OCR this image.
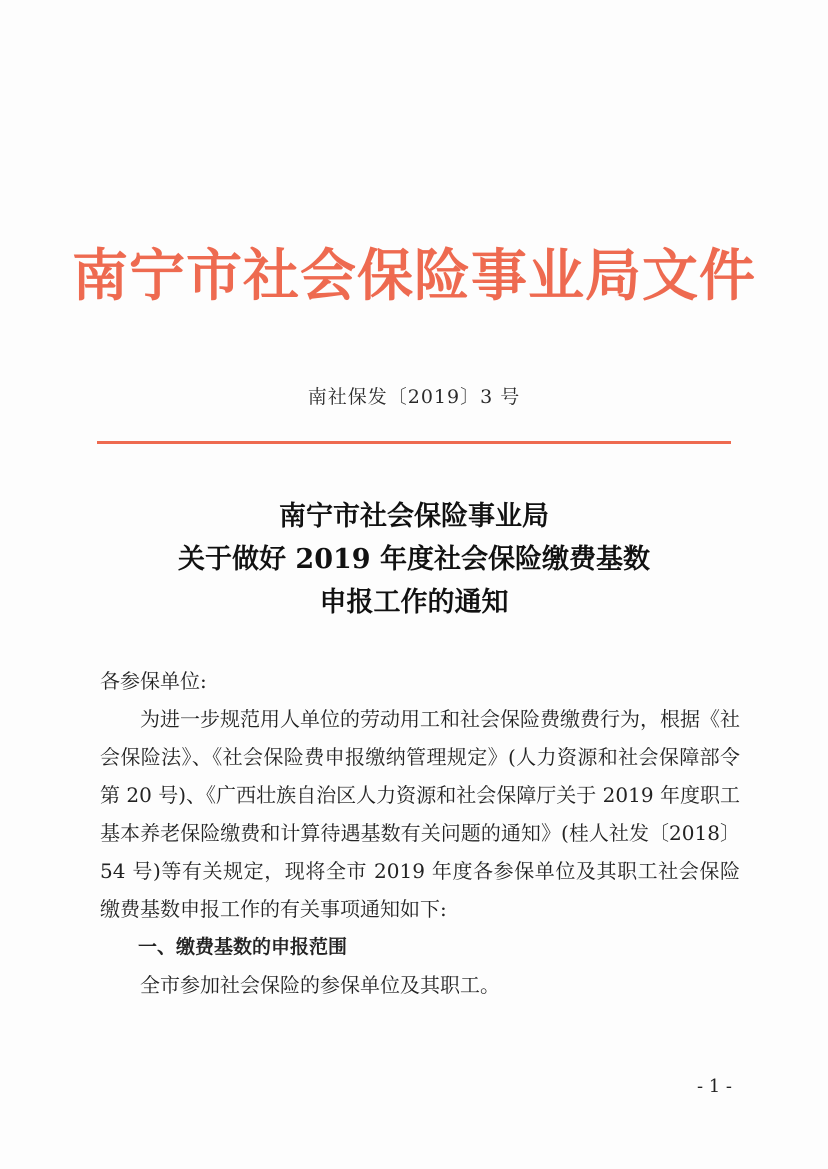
南宁市社会保险事业局文件
南社保发〔2019〕3 号
南宁市社会保险事业局
关于做好 2019 年度社会保险缴费基数
申报工作的通知

各参保单位:

为进一步规范用人单位的劳动用工和社会保险费缴费行为，根据《社会保险法》、《社会保险费申报缴纳管理规定》(人力资源和社会保障部令第 20 号)、《广西壮族自治区人力资源和社会保障厅关于 2019 年度职工基本养老保险缴费和计算待遇基数有关问题的通知》(桂人社发〔2018〕54 号)等有关规定，现将全市 2019 年度各参保单位及其职工社会保险缴费基数申报工作的有关事项通知如下:

一、缴费基数的申报范围

全市参加社会保险的参保单位及其职工。

- 1 -
